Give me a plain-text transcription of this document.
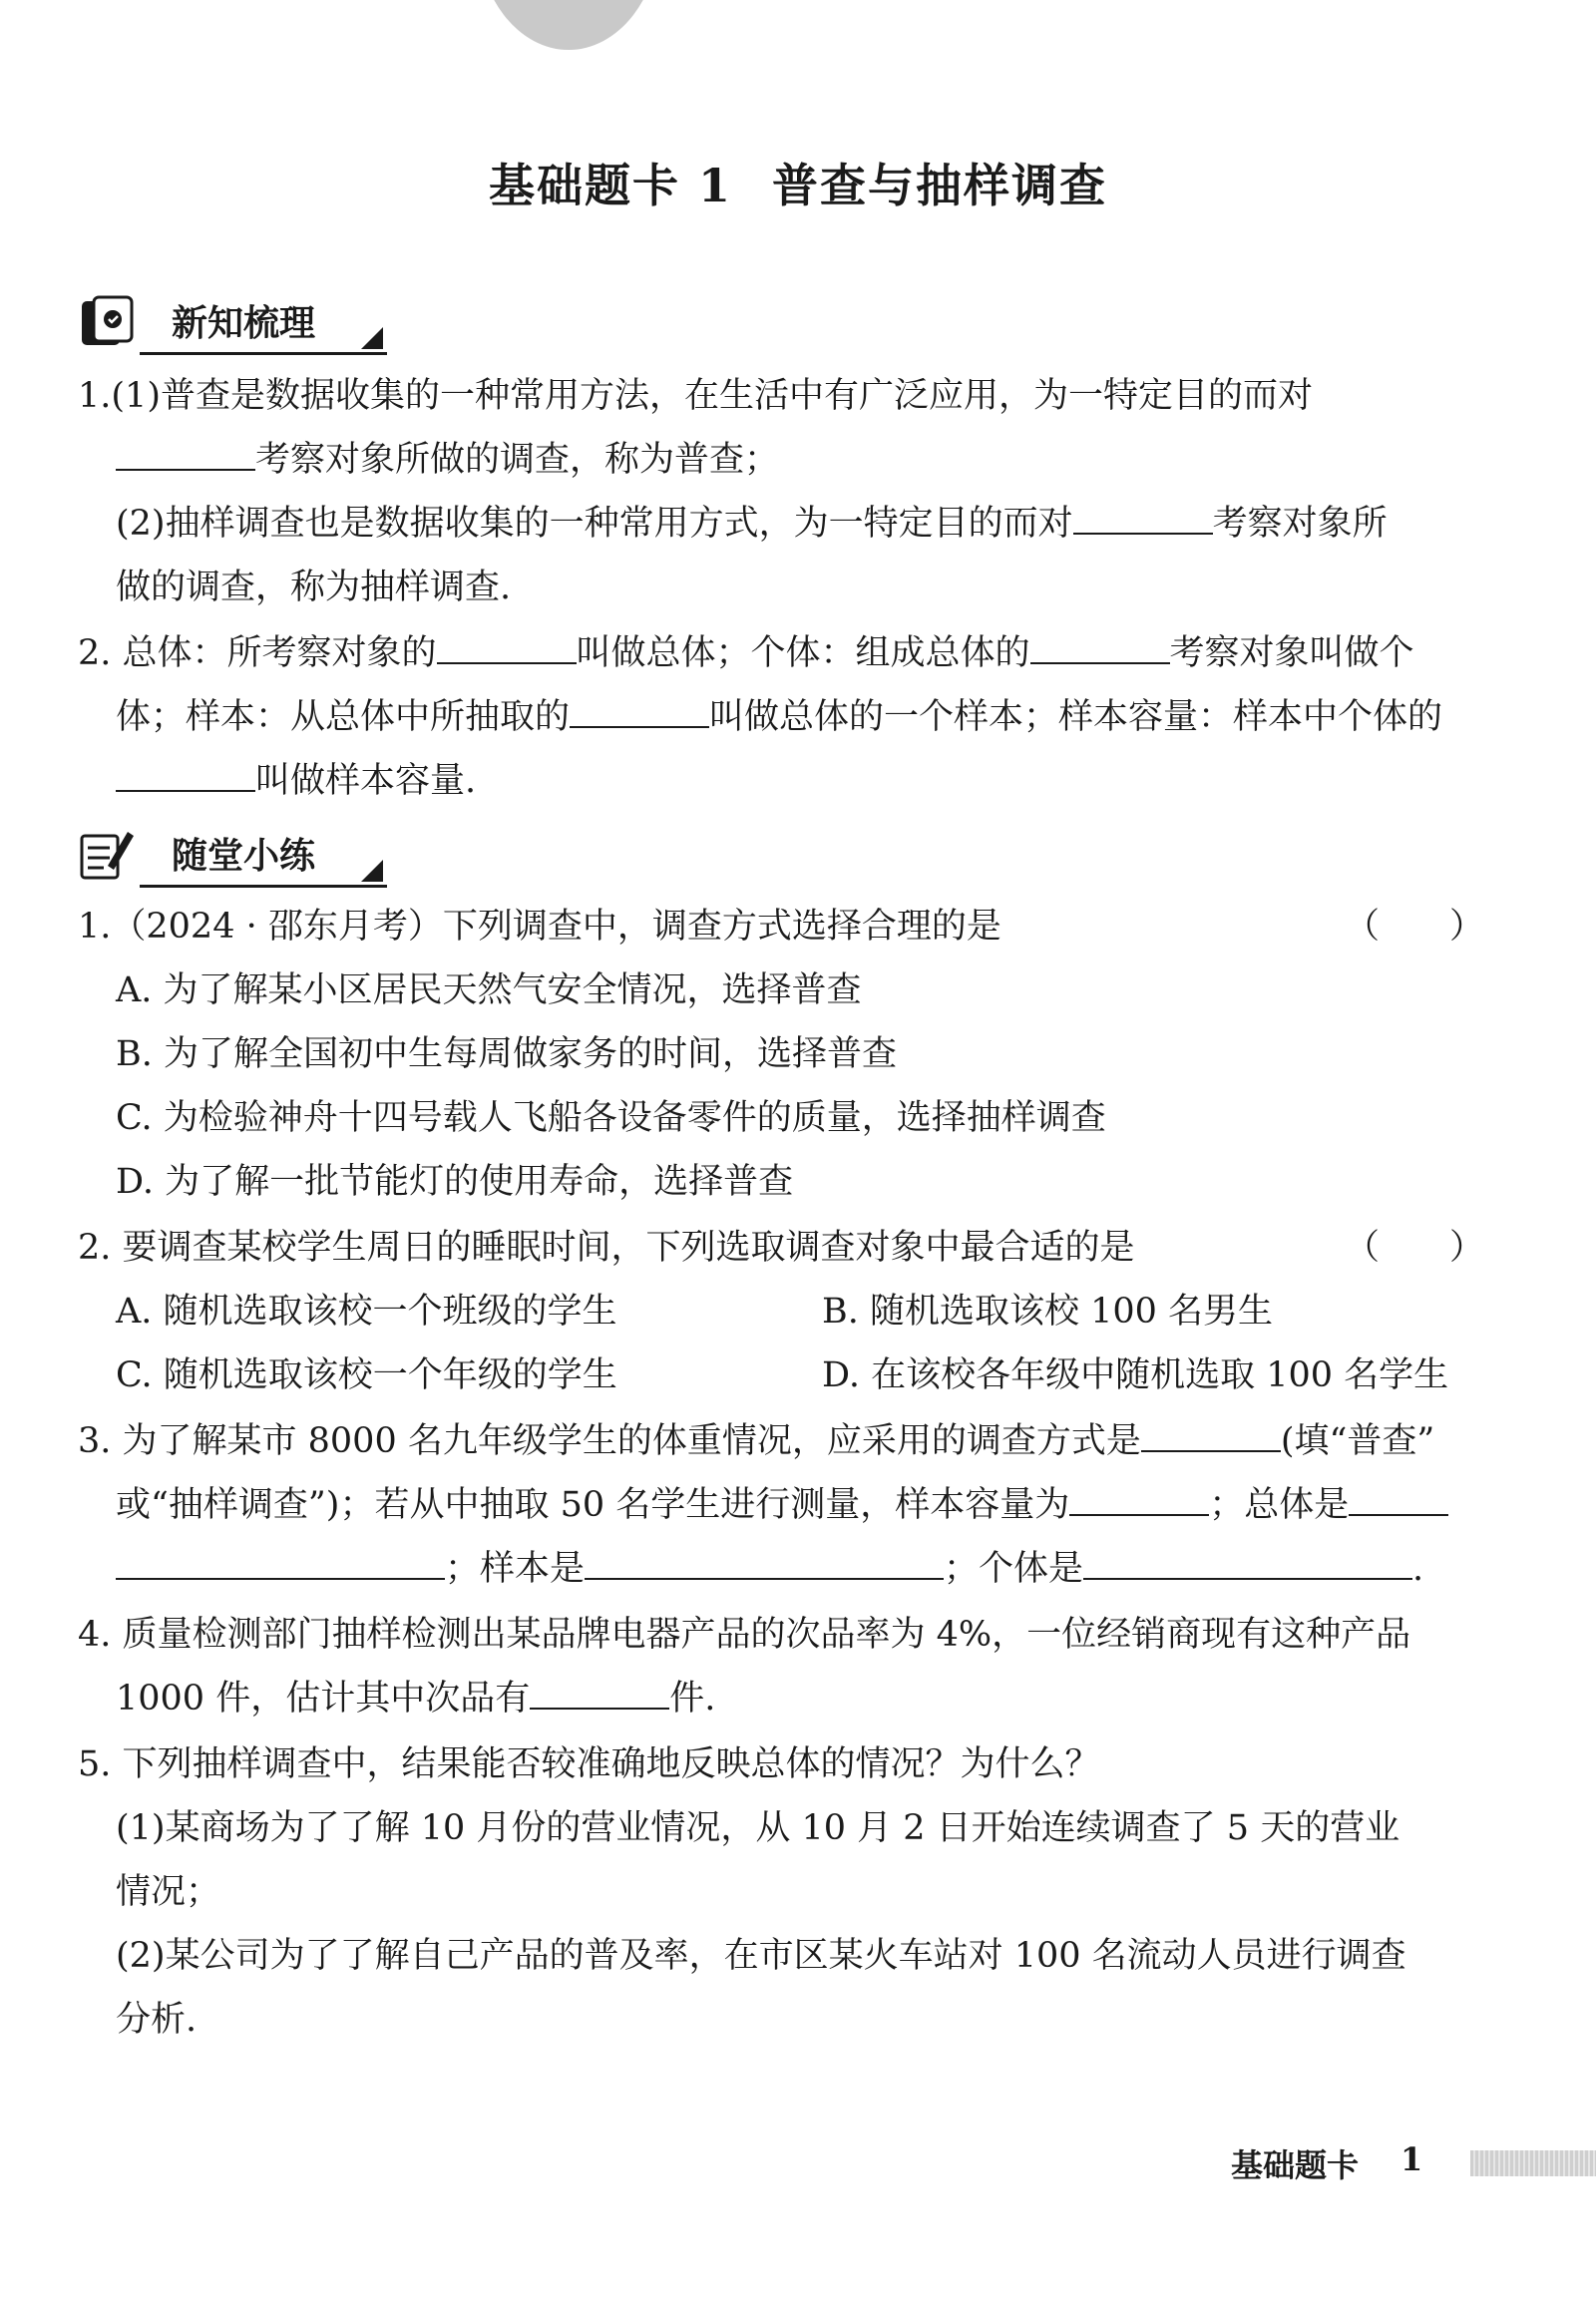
基础题卡 1 普查与抽样调查
新知梳理
1.(1)普查是数据收集的一种常用方法，在生活中有广泛应用，为一特定目的而对
考察对象所做的调查，称为普查；
(2)抽样调查也是数据收集的一种常用方式，为一特定目的而对	考察对象所
做的调查，称为抽样调查.
2. 总体：所考察对象的	叫做总体；个体：组成总体的	考察对象叫做个
体；样本：从总体中所抽取的	叫做总体的一个样本；样本容量：样本中个体的
叫做样本容量.
随堂小练
1.（2024 · 邵东月考）下列调查中，调查方式选择合理的是	（　　）
A. 为了解某小区居民天然气安全情况，选择普查
B. 为了解全国初中生每周做家务的时间，选择普查
C. 为检验神舟十四号载人飞船各设备零件的质量，选择抽样调查
D. 为了解一批节能灯的使用寿命，选择普查
2. 要调查某校学生周日的睡眠时间，下列选取调查对象中最合适的是	（　　）
A. 随机选取该校一个班级的学生	B. 随机选取该校 100 名男生
C. 随机选取该校一个年级的学生	D. 在该校各年级中随机选取 100 名学生
3. 为了解某市 8000 名九年级学生的体重情况，应采用的调查方式是	(填“普查”
或“抽样调查”)；若从中抽取 50 名学生进行测量，样本容量为	；总体是
；样本是	；个体是	.
4. 质量检测部门抽样检测出某品牌电器产品的次品率为 4%，一位经销商现有这种产品
1000 件，估计其中次品有	件.
5. 下列抽样调查中，结果能否较准确地反映总体的情况？为什么？
(1)某商场为了了解 10 月份的营业情况，从 10 月 2 日开始连续调查了 5 天的营业
情况；
(2)某公司为了了解自己产品的普及率，在市区某火车站对 100 名流动人员进行调查
分析.
基础题卡 1
